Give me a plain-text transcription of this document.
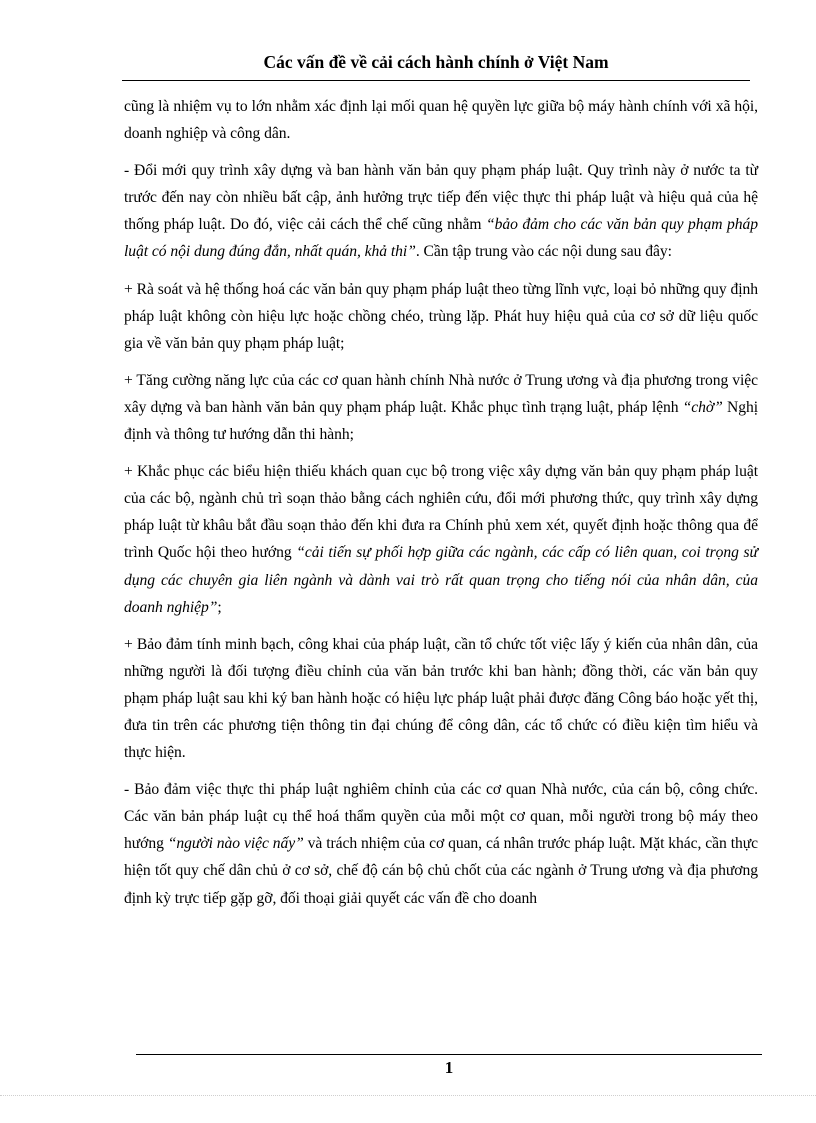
Các vấn đề về cải cách hành chính ở Việt Nam

cũng là nhiệm vụ to lớn nhằm xác định lại mối quan hệ quyền lực giữa bộ máy hành chính với xã hội, doanh nghiệp và công dân.

- Đổi mới quy trình xây dựng và ban hành văn bản quy phạm pháp luật. Quy trình này ở nước ta từ trước đến nay còn nhiều bất cập, ảnh hưởng trực tiếp đến việc thực thi pháp luật và hiệu quả của hệ thống pháp luật. Do đó, việc cải cách thể chế cũng nhằm “bảo đảm cho các văn bản quy phạm pháp luật có nội dung đúng đắn, nhất quán, khả thi”. Cần tập trung vào các nội dung sau đây:

+ Rà soát và hệ thống hoá các văn bản quy phạm pháp luật theo từng lĩnh vực, loại bỏ những quy định pháp luật không còn hiệu lực hoặc chồng chéo, trùng lặp. Phát huy hiệu quả của cơ sở dữ liệu quốc gia về văn bản quy phạm pháp luật;

+ Tăng cường năng lực của các cơ quan hành chính Nhà nước ở Trung ương và địa phương trong việc xây dựng và ban hành văn bản quy phạm pháp luật. Khắc phục tình trạng luật, pháp lệnh “chờ” Nghị định và thông tư hướng dẫn thi hành;

+ Khắc phục các biểu hiện thiếu khách quan cục bộ trong việc xây dựng văn bản quy phạm pháp luật của các bộ, ngành chủ trì soạn thảo bằng cách nghiên cứu, đổi mới phương thức, quy trình xây dựng pháp luật từ khâu bắt đầu soạn thảo đến khi đưa ra Chính phủ xem xét, quyết định hoặc thông qua để trình Quốc hội theo hướng “cải tiến sự phối hợp giữa các ngành, các cấp có liên quan, coi trọng sử dụng các chuyên gia liên ngành và dành vai trò rất quan trọng cho tiếng nói của nhân dân, của doanh nghiệp”;

+ Bảo đảm tính minh bạch, công khai của pháp luật, cần tổ chức tốt việc lấy ý kiến của nhân dân, của những người là đối tượng điều chỉnh của văn bản trước khi ban hành; đồng thời, các văn bản quy phạm pháp luật sau khi ký ban hành hoặc có hiệu lực pháp luật phải được đăng Công báo hoặc yết thị, đưa tin trên các phương tiện thông tin đại chúng để công dân, các tổ chức có điều kiện tìm hiểu và thực hiện.

- Bảo đảm việc thực thi pháp luật nghiêm chỉnh của các cơ quan Nhà nước, của cán bộ, công chức. Các văn bản pháp luật cụ thể hoá thẩm quyền của mỗi một cơ quan, mỗi người trong bộ máy theo hướng “người nào việc nấy” và trách nhiệm của cơ quan, cá nhân trước pháp luật. Mặt khác, cần thực hiện tốt quy chế dân chủ ở cơ sở, chế độ cán bộ chủ chốt của các ngành ở Trung ương và địa phương định kỳ trực tiếp gặp gỡ, đối thoại giải quyết các vấn đề cho doanh

1
